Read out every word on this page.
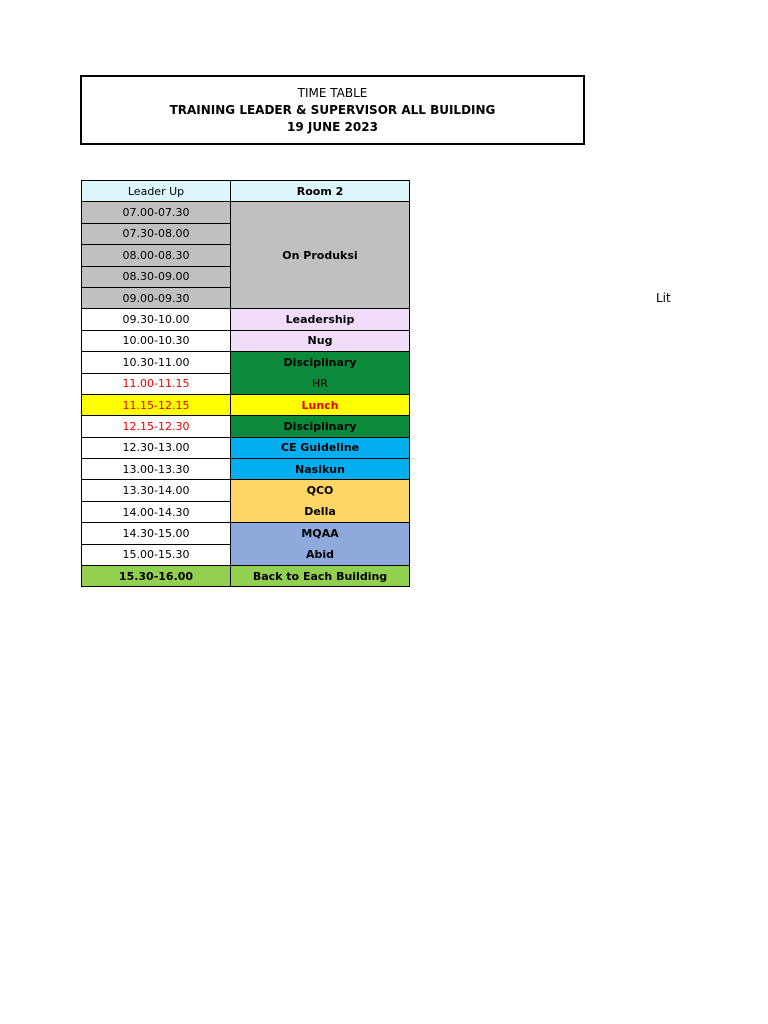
TIME TABLE
TRAINING LEADER & SUPERVISOR ALL BUILDING
19 JUNE 2023
Lit
Leader Up	Room 2
07.00-07.30	On Produksi
07.30-08.00	
08.00-08.30	
08.30-09.00	
09.00-09.30	
09.30-10.00	Leadership
10.00-10.30	Nug
10.30-11.00	Disciplinary
11.00-11.15	HR
11.15-12.15	Lunch
12.15-12.30	Disciplinary
12.30-13.00	CE Guideline
13.00-13.30	Nasikun
13.30-14.00	QCO
14.00-14.30	Della
14.30-15.00	MQAA
15.00-15.30	Abid
15.30-16.00	Back to Each Building
